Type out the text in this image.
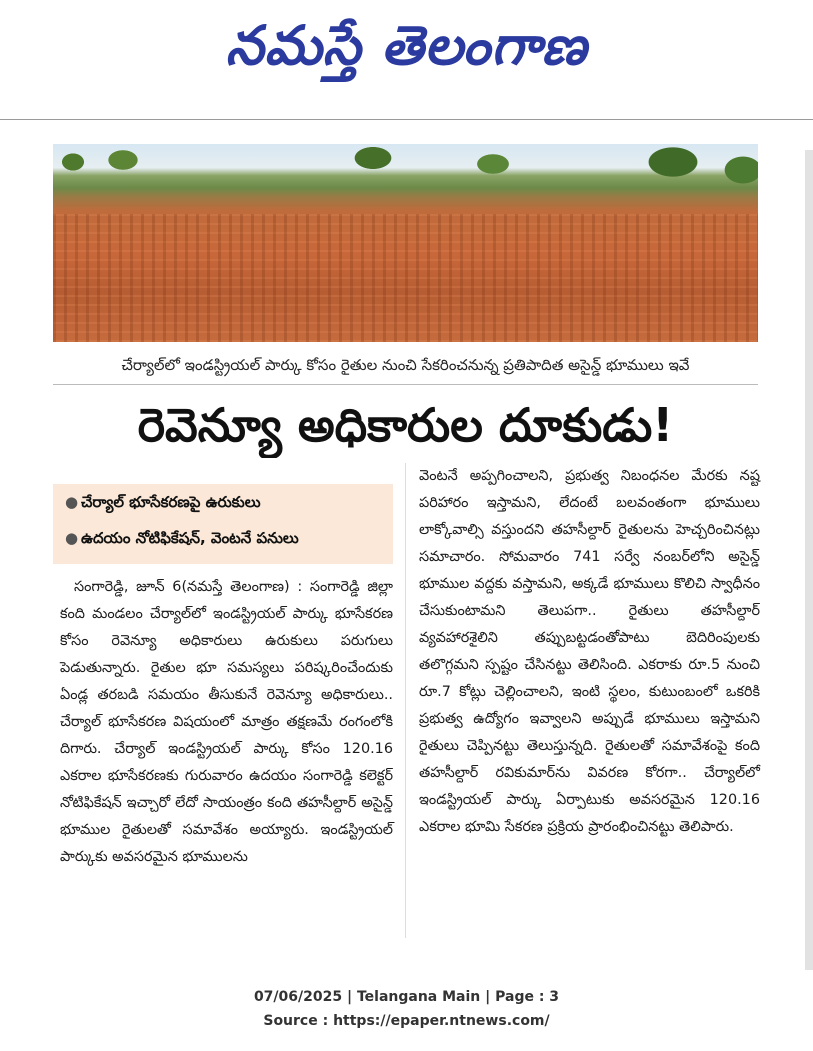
నమస్తే తెలంగాణ
చేర్యాల్‌లో ఇండస్ట్రియల్ పార్కు కోసం రైతుల నుంచి సేకరించనున్న ప్రతిపాదిత అసైన్డ్ భూములు ఇవే
రెవెన్యూ అధికారుల దూకుడు!
● చేర్యాల్ భూసేకరణపై ఉరుకులు
● ఉదయం నోటిఫికేషన్, వెంటనే పనులు
సంగారెడ్డి, జూన్ 6(నమస్తే తెలంగాణ) : సంగారెడ్డి జిల్లా కంది మండలం చేర్యాల్‌లో ఇండస్ట్రియల్ పార్కు భూసేకరణ కోసం రెవెన్యూ అధికారులు ఉరుకులు పరుగులు పెడుతున్నారు. రైతుల భూ సమస్యలు పరిష్కరించేందుకు ఏండ్ల తరబడి సమయం తీసుకునే రెవెన్యూ అధికారులు.. చేర్యాల్ భూసేకరణ విషయంలో మాత్రం తక్షణమే రంగంలోకి దిగారు. చేర్యాల్ ఇండస్ట్రియల్ పార్కు కోసం 120.16 ఎకరాల భూసేకరణకు గురువారం ఉదయం సంగారెడ్డి కలెక్టర్ నోటిఫికేషన్ ఇచ్చారో లేదో సాయంత్రం కంది తహసీల్దార్ అసైన్డ్ భూముల రైతులతో సమావేశం అయ్యారు. ఇండస్ట్రియల్ పార్కుకు అవసరమైన భూములను
వెంటనే అప్పగించాలని, ప్రభుత్వ నిబంధనల మేరకు నష్ట పరిహారం ఇస్తామని, లేదంటే బలవంతంగా భూములు లాక్కోవాల్సి వస్తుందని తహసీల్దార్ రైతులను హెచ్చరించినట్లు సమాచారం. సోమవారం 741 సర్వే నంబర్‌లోని అసైన్డ్ భూముల వద్దకు వస్తామని, అక్కడే భూములు కొలిచి స్వాధీనం చేసుకుంటామని తెలుపగా.. రైతులు తహసీల్దార్ వ్యవహారశైలిని తప్పుబట్టడంతోపాటు బెదిరింపులకు తలొగ్గమని స్పష్టం చేసినట్టు తెలిసింది. ఎకరాకు రూ.5 నుంచి రూ.7 కోట్లు చెల్లించాలని, ఇంటి స్థలం, కుటుంబంలో ఒకరికి ప్రభుత్వ ఉద్యోగం ఇవ్వాలని అప్పుడే భూములు ఇస్తామని రైతులు చెప్పినట్టు తెలుస్తున్నది. రైతులతో సమావేశంపై కంది తహసీల్దార్ రవికుమార్‌ను వివరణ కోరగా.. చేర్యాల్‌లో ఇండస్ట్రియల్ పార్కు ఏర్పాటుకు అవసరమైన 120.16 ఎకరాల భూమి సేకరణ ప్రక్రియ ప్రారంభించినట్టు తెలిపారు.
07/06/2025 | Telangana Main | Page : 3
Source : https://epaper.ntnews.com/
